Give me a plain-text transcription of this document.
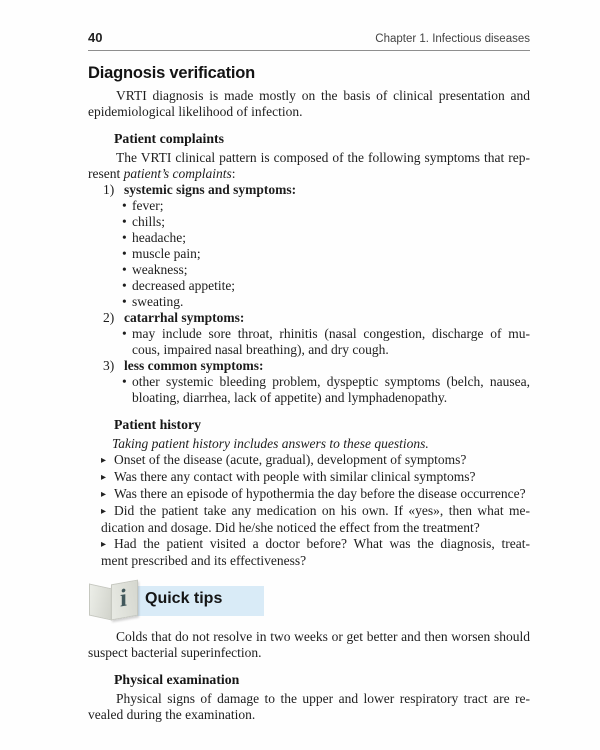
40	Chapter 1. Infectious diseases
Diagnosis verification
VRTI diagnosis is made mostly on the basis of clinical presentation and
epidemiological likelihood of infection.
Patient complaints
The VRTI clinical pattern is composed of the following symptoms that rep-
resent patient’s complaints:
1) systemic signs and symptoms:
• fever;
• chills;
• headache;
• muscle pain;
• weakness;
• decreased appetite;
• sweating.
2) catarrhal symptoms:
• may include sore throat, rhinitis (nasal congestion, discharge of mu-
cous, impaired nasal breathing), and dry cough.
3) less common symptoms:
• other systemic bleeding problem, dyspeptic symptoms (belch, nausea,
bloating, diarrhea, lack of appetite) and lymphadenopathy.
Patient history
Taking patient history includes answers to these questions.
▸ Onset of the disease (acute, gradual), development of symptoms?
▸ Was there any contact with people with similar clinical symptoms?
▸ Was there an episode of hypothermia the day before the disease occurrence?
▸ Did the patient take any medication on his own. If «yes», then what me-
dication and dosage. Did he/she noticed the effect from the treatment?
▸ Had the patient visited a doctor before? What was the diagnosis, treat-
ment prescribed and its effectiveness?
i	Quick tips
Colds that do not resolve in two weeks or get better and then worsen should
suspect bacterial superinfection.
Physical examination
Physical signs of damage to the upper and lower respiratory tract are re-
vealed during the examination.
